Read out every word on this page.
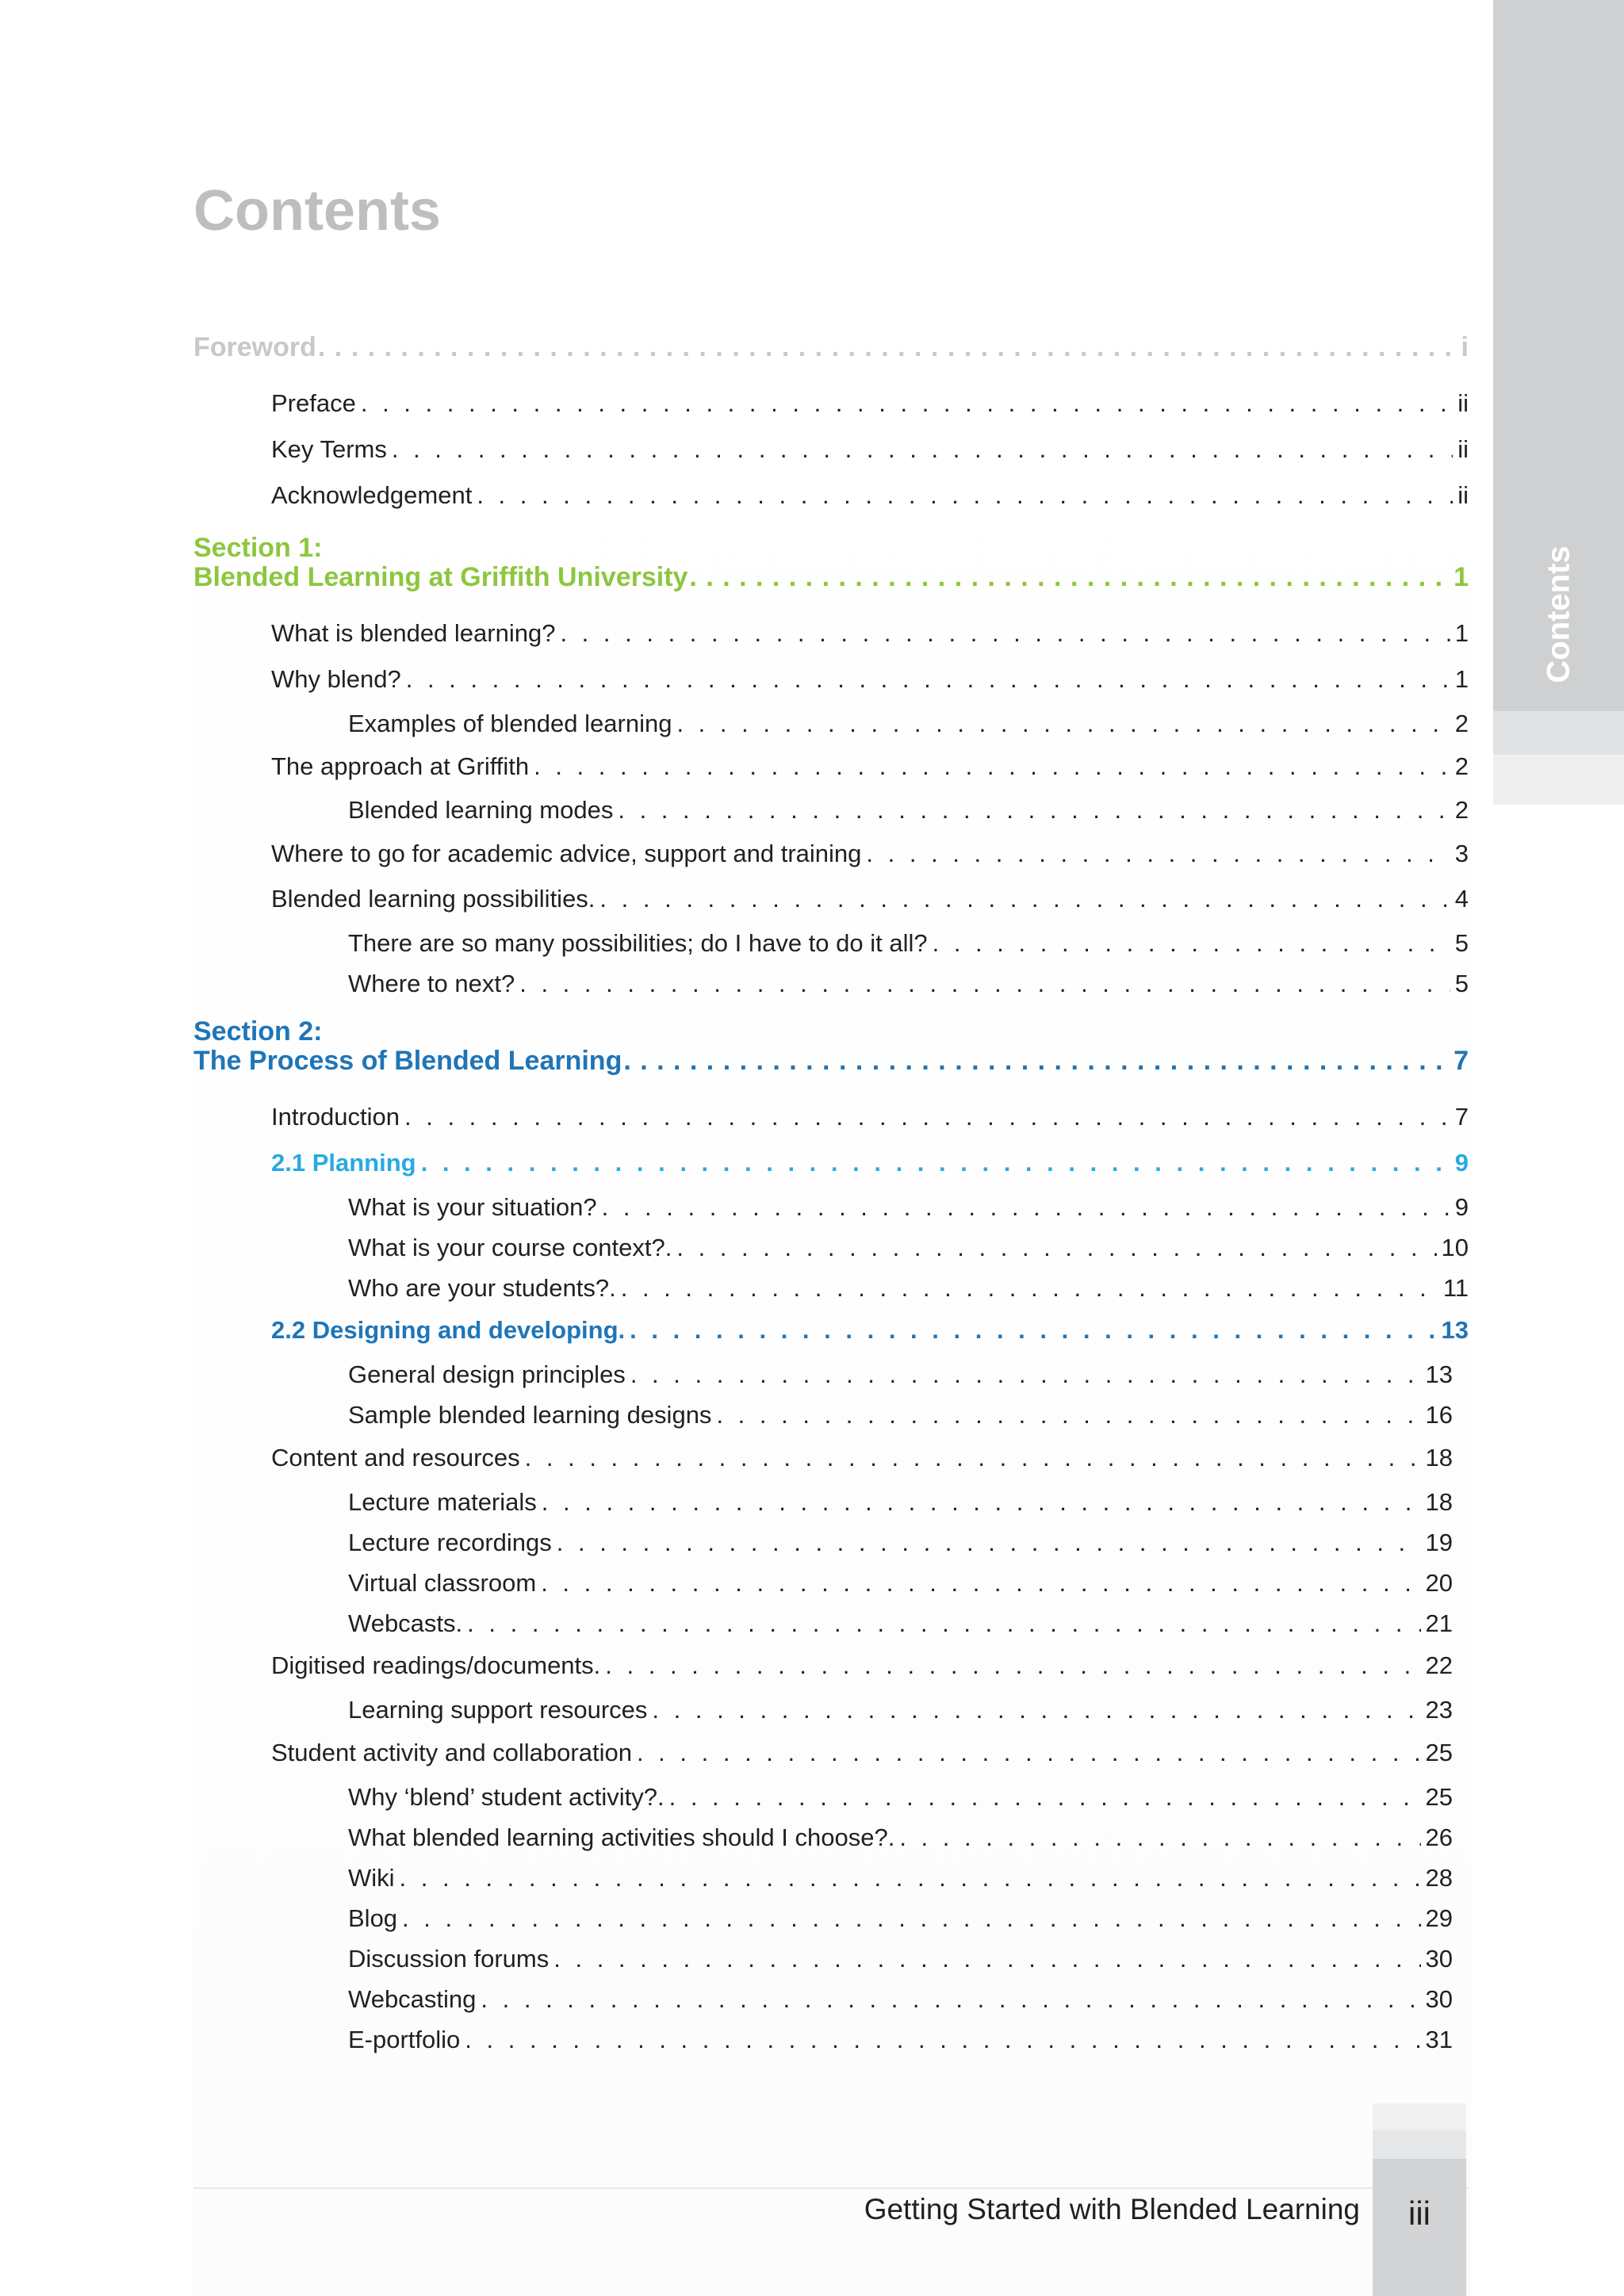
Contents
Contents
Foreword . . .	i
Preface . . .	ii
Key Terms . . .	ii
Acknowledgement . . .	ii
Section 1:
Blended Learning at Griffith University . . .	1
What is blended learning? . . .	1
Why blend? . . .	1
Examples of blended learning . . .	2
The approach at Griffith . . .	2
Blended learning modes . . .	2
Where to go for academic advice, support and training . . .	3
Blended learning possibilities. . . .	4
There are so many possibilities; do I have to do it all? . . .	5
Where to next? . . .	5
Section 2:
The Process of Blended Learning . . .	7
Introduction . . .	7
2.1 Planning . . .	9
What is your situation? . . .	9
What is your course context?. . . .	10
Who are your students?. . . .	11
2.2 Designing and developing. . . .	13
General design principles . . .	13
Sample blended learning designs . . .	16
Content and resources . . .	18
Lecture materials . . .	18
Lecture recordings . . .	19
Virtual classroom . . .	20
Webcasts. . . .	21
Digitised readings/documents. . . .	22
Learning support resources . . .	23
Student activity and collaboration . . .	25
Why ‘blend’ student activity?. . . .	25
What blended learning activities should I choose?. . . .	26
Wiki . . .	28
Blog . . .	29
Discussion forums . . .	30
Webcasting . . .	30
E-portfolio . . .	31
Getting Started with Blended Learning	iii
